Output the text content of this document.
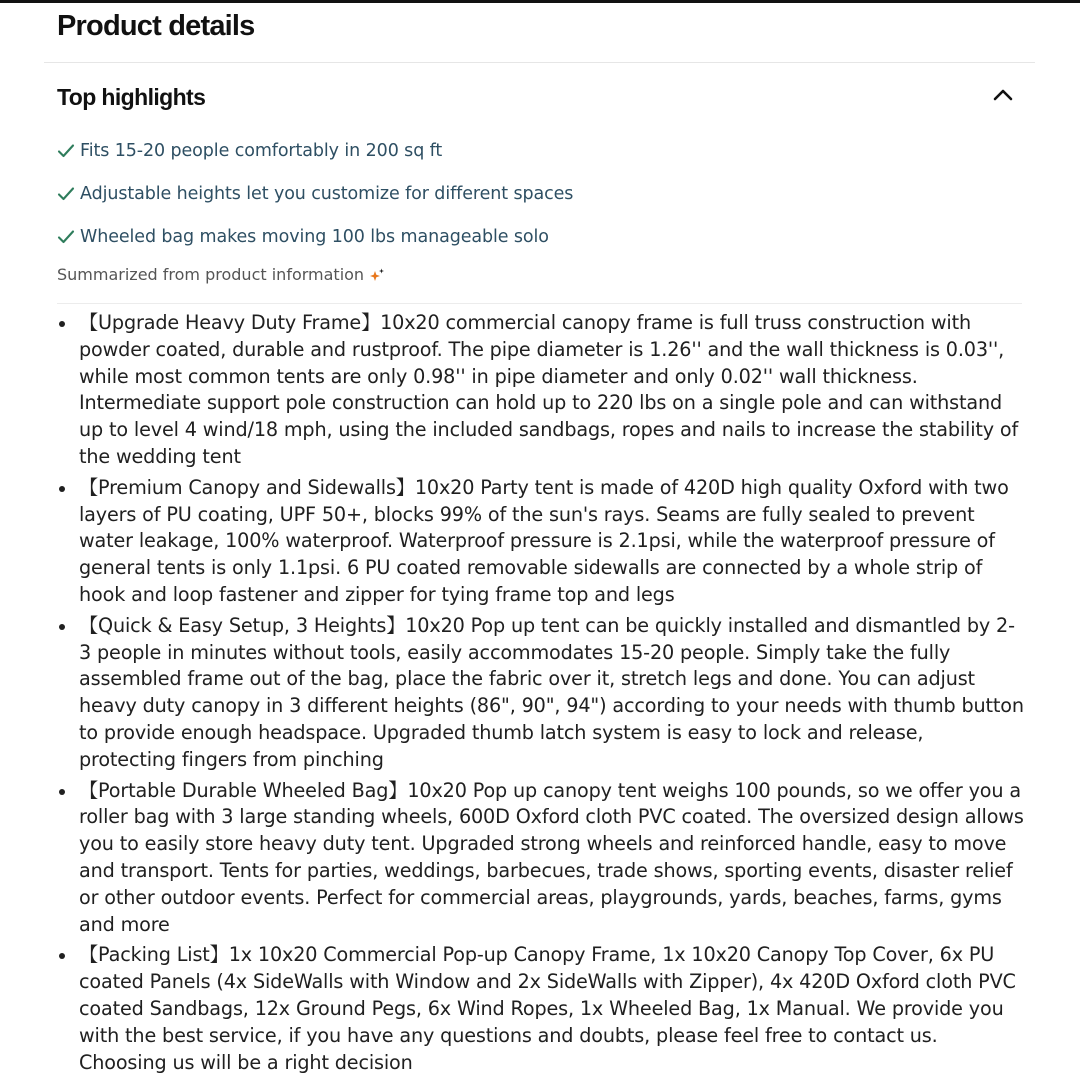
Product details
Top highlights
Fits 15-20 people comfortably in 200 sq ft
Adjustable heights let you customize for different spaces
Wheeled bag makes moving 100 lbs manageable solo
Summarized from product information
【Upgrade Heavy Duty Frame】10x20 commercial canopy frame is full truss construction with powder coated, durable and rustproof. The pipe diameter is 1.26'' and the wall thickness is 0.03'', while most common tents are only 0.98'' in pipe diameter and only 0.02'' wall thickness. Intermediate support pole construction can hold up to 220 lbs on a single pole and can withstand up to level 4 wind/18 mph, using the included sandbags, ropes and nails to increase the stability of the wedding tent
【Premium Canopy and Sidewalls】10x20 Party tent is made of 420D high quality Oxford with two layers of PU coating, UPF 50+, blocks 99% of the sun's rays. Seams are fully sealed to prevent water leakage, 100% waterproof. Waterproof pressure is 2.1psi, while the waterproof pressure of general tents is only 1.1psi. 6 PU coated removable sidewalls are connected by a whole strip of hook and loop fastener and zipper for tying frame top and legs
【Quick & Easy Setup, 3 Heights】10x20 Pop up tent can be quickly installed and dismantled by 2-3 people in minutes without tools, easily accommodates 15-20 people. Simply take the fully assembled frame out of the bag, place the fabric over it, stretch legs and done. You can adjust heavy duty canopy in 3 different heights (86", 90", 94") according to your needs with thumb button to provide enough headspace. Upgraded thumb latch system is easy to lock and release, protecting fingers from pinching
【Portable Durable Wheeled Bag】10x20 Pop up canopy tent weighs 100 pounds, so we offer you a roller bag with 3 large standing wheels, 600D Oxford cloth PVC coated. The oversized design allows you to easily store heavy duty tent. Upgraded strong wheels and reinforced handle, easy to move and transport. Tents for parties, weddings, barbecues, trade shows, sporting events, disaster relief or other outdoor events. Perfect for commercial areas, playgrounds, yards, beaches, farms, gyms and more
【Packing List】1x 10x20 Commercial Pop-up Canopy Frame, 1x 10x20 Canopy Top Cover, 6x PU coated Panels (4x SideWalls with Window and 2x SideWalls with Zipper), 4x 420D Oxford cloth PVC coated Sandbags, 12x Ground Pegs, 6x Wind Ropes, 1x Wheeled Bag, 1x Manual. We provide you with the best service, if you have any questions and doubts, please feel free to contact us. Choosing us will be a right decision
